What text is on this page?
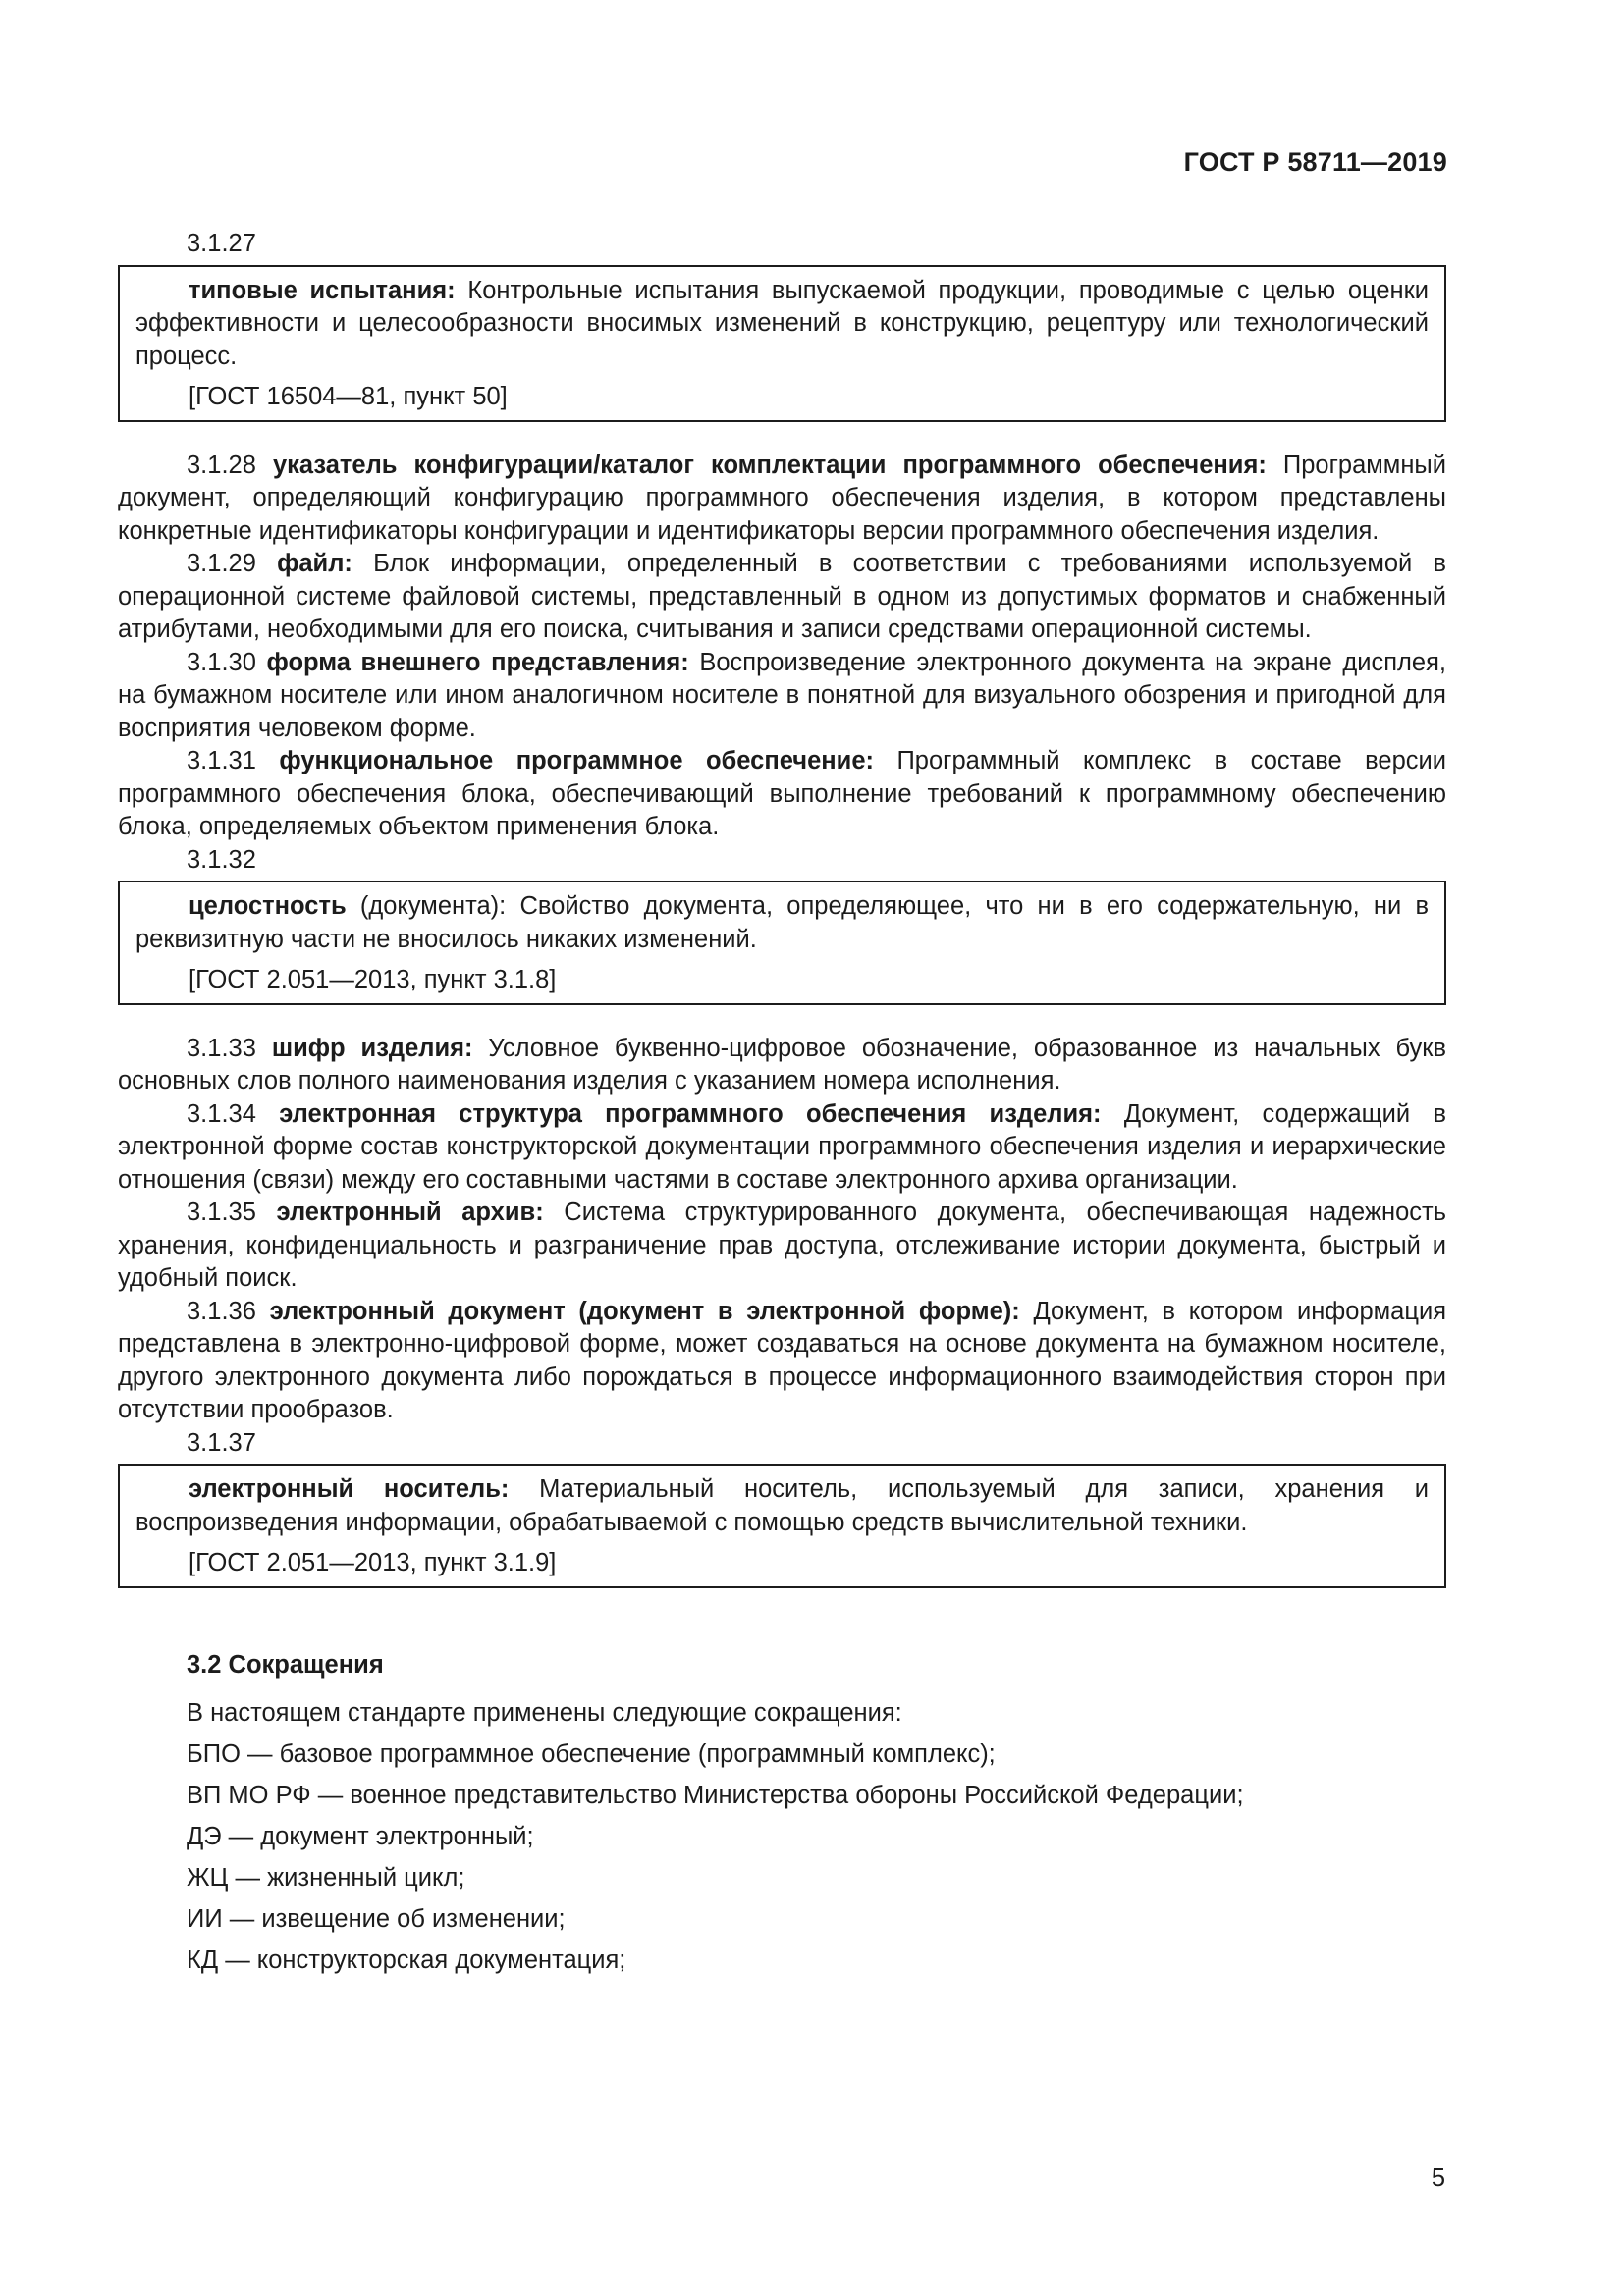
ГОСТ Р 58711—2019

3.1.27

типовые испытания: Контрольные испытания выпускаемой продукции, проводимые с целью оценки эффективности и целесообразности вносимых изменений в конструкцию, рецептуру или технологический процесс.

[ГОСТ 16504—81, пункт 50]

3.1.28 указатель конфигурации/каталог комплектации программного обеспечения: Программный документ, определяющий конфигурацию программного обеспечения изделия, в котором представлены конкретные идентификаторы конфигурации и идентификаторы версии программного обеспечения изделия.

3.1.29 файл: Блок информации, определенный в соответствии с требованиями используемой в операционной системе файловой системы, представленный в одном из допустимых форматов и снабженный атрибутами, необходимыми для его поиска, считывания и записи средствами операционной системы.

3.1.30 форма внешнего представления: Воспроизведение электронного документа на экране дисплея, на бумажном носителе или ином аналогичном носителе в понятной для визуального обозрения и пригодной для восприятия человеком форме.

3.1.31 функциональное программное обеспечение: Программный комплекс в составе версии программного обеспечения блока, обеспечивающий выполнение требований к программному обеспечению блока, определяемых объектом применения блока.

3.1.32

целостность (документа): Свойство документа, определяющее, что ни в его содержательную, ни в реквизитную части не вносилось никаких изменений.

[ГОСТ 2.051—2013, пункт 3.1.8]

3.1.33 шифр изделия: Условное буквенно-цифровое обозначение, образованное из начальных букв основных слов полного наименования изделия с указанием номера исполнения.

3.1.34 электронная структура программного обеспечения изделия: Документ, содержащий в электронной форме состав конструкторской документации программного обеспечения изделия и иерархические отношения (связи) между его составными частями в составе электронного архива организации.

3.1.35 электронный архив: Система структурированного документа, обеспечивающая надежность хранения, конфиденциальность и разграничение прав доступа, отслеживание истории документа, быстрый и удобный поиск.

3.1.36 электронный документ (документ в электронной форме): Документ, в котором информация представлена в электронно-цифровой форме, может создаваться на основе документа на бумажном носителе, другого электронного документа либо порождаться в процессе информационного взаимодействия сторон при отсутствии прообразов.

3.1.37

электронный носитель: Материальный носитель, используемый для записи, хранения и воспроизведения информации, обрабатываемой с помощью средств вычислительной техники.

[ГОСТ 2.051—2013, пункт 3.1.9]

3.2 Сокращения

В настоящем стандарте применены следующие сокращения:

БПО — базовое программное обеспечение (программный комплекс);

ВП МО РФ — военное представительство Министерства обороны Российской Федерации;

ДЭ — документ электронный;

ЖЦ — жизненный цикл;

ИИ — извещение об изменении;

КД — конструкторская документация;

5
